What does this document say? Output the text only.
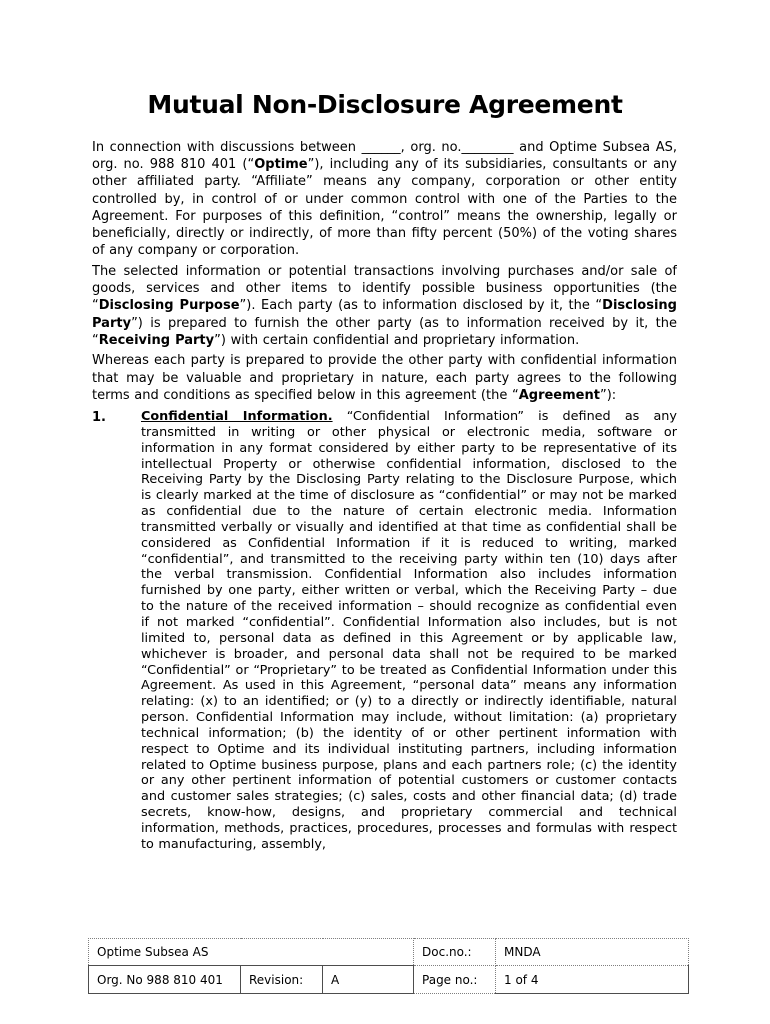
Mutual Non-Disclosure Agreement

In connection with discussions between ______, org. no.________ and Optime Subsea AS, org. no. 988 810 401 (“Optime”), including any of its subsidiaries, consultants or any other affiliated party. “Affiliate” means any company, corporation or other entity controlled by, in control of or under common control with one of the Parties to the Agreement. For purposes of this definition, “control” means the ownership, legally or beneficially, directly or indirectly, of more than fifty percent (50%) of the voting shares of any company or corporation.

The selected information or potential transactions involving purchases and/or sale of goods, services and other items to identify possible business opportunities (the “Disclosing Purpose”). Each party (as to information disclosed by it, the “Disclosing Party”) is prepared to furnish the other party (as to information received by it, the “Receiving Party”) with certain confidential and proprietary information.

Whereas each party is prepared to provide the other party with confidential information that may be valuable and proprietary in nature, each party agrees to the following terms and conditions as specified below in this agreement (the “Agreement”):

1.	Confidential Information. “Confidential Information” is defined as any transmitted in writing or other physical or electronic media, software or information in any format considered by either party to be representative of its intellectual Property or otherwise confidential information, disclosed to the Receiving Party by the Disclosing Party relating to the Disclosure Purpose, which is clearly marked at the time of disclosure as “confidential” or may not be marked as confidential due to the nature of certain electronic media. Information transmitted verbally or visually and identified at that time as confidential shall be considered as Confidential Information if it is reduced to writing, marked “confidential”, and transmitted to the receiving party within ten (10) days after the verbal transmission. Confidential Information also includes information furnished by one party, either written or verbal, which the Receiving Party – due to the nature of the received information – should recognize as confidential even if not marked “confidential”. Confidential Information also includes, but is not limited to, personal data as defined in this Agreement or by applicable law, whichever is broader, and personal data shall not be required to be marked “Confidential” or “Proprietary” to be treated as Confidential Information under this Agreement. As used in this Agreement, “personal data” means any information relating: (x) to an identified; or (y) to a directly or indirectly identifiable, natural person. Confidential Information may include, without limitation: (a) proprietary technical information; (b) the identity of or other pertinent information with respect to Optime and its individual instituting partners, including information related to Optime business purpose, plans and each partners role; (c) the identity or any other pertinent information of potential customers or customer contacts and customer sales strategies; (c) sales, costs and other financial data; (d) trade secrets, know-how, designs, and proprietary commercial and technical information, methods, practices, procedures, processes and formulas with respect to manufacturing, assembly,

Optime Subsea AS			Doc.no.:	MNDA
Org. No 988 810 401	Revision:	A	Page no.:	1 of 4
